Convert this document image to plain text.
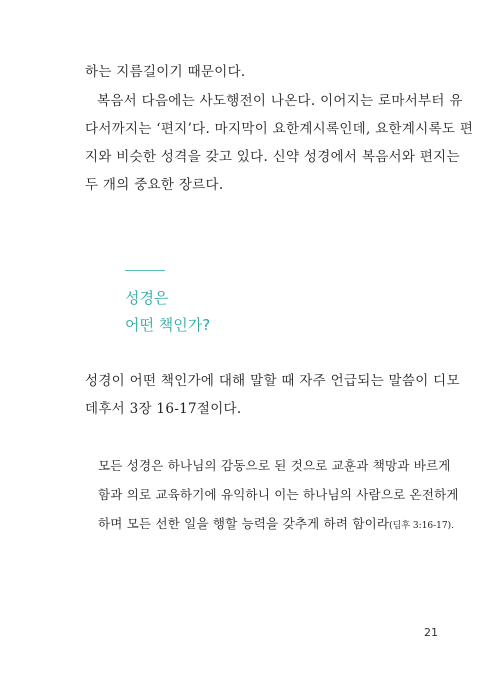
하는 지름길이기 때문이다.
복음서 다음에는 사도행전이 나온다. 이어지는 로마서부터 유
다서까지는 ‘편지’다. 마지막이 요한계시록인데, 요한계시록도 편
지와 비슷한 성격을 갖고 있다. 신약 성경에서 복음서와 편지는
두 개의 중요한 장르다.
성경은
어떤 책인가?
성경이 어떤 책인가에 대해 말할 때 자주 언급되는 말씀이 디모
데후서 3장 16-17절이다.
모든 성경은 하나님의 감동으로 된 것으로 교훈과 책망과 바르게
함과 의로 교육하기에 유익하니 이는 하나님의 사람으로 온전하게
하며 모든 선한 일을 행할 능력을 갖추게 하려 함이라(딤후 3:16-17).
21
